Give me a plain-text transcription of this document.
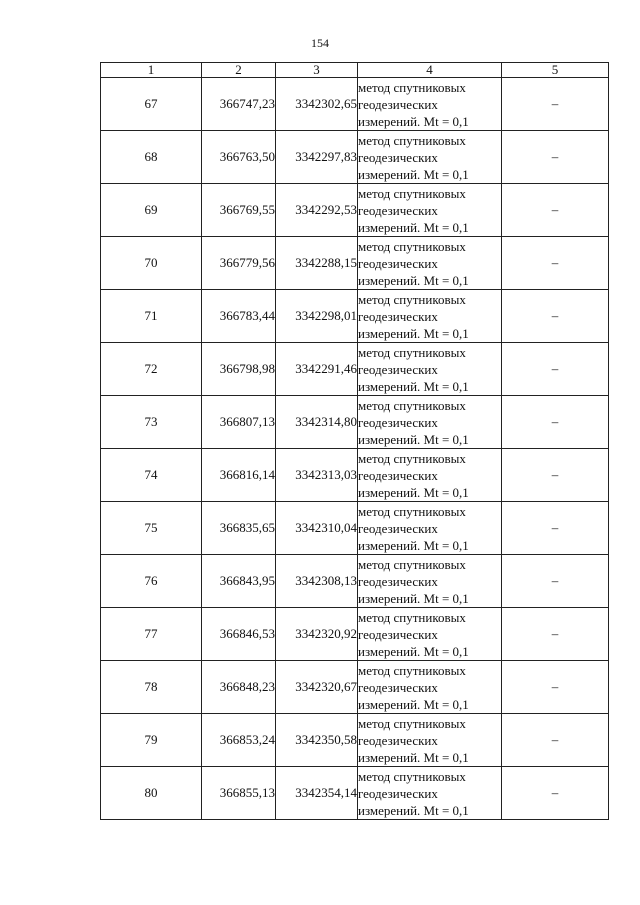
154
1	2	3	4	5
67	366747,23	3342302,65	метод спутниковых
геодезических
измерений. Mt = 0,1	–
68	366763,50	3342297,83	метод спутниковых
геодезических
измерений. Mt = 0,1	–
69	366769,55	3342292,53	метод спутниковых
геодезических
измерений. Mt = 0,1	–
70	366779,56	3342288,15	метод спутниковых
геодезических
измерений. Mt = 0,1	–
71	366783,44	3342298,01	метод спутниковых
геодезических
измерений. Mt = 0,1	–
72	366798,98	3342291,46	метод спутниковых
геодезических
измерений. Mt = 0,1	–
73	366807,13	3342314,80	метод спутниковых
геодезических
измерений. Mt = 0,1	–
74	366816,14	3342313,03	метод спутниковых
геодезических
измерений. Mt = 0,1	–
75	366835,65	3342310,04	метод спутниковых
геодезических
измерений. Mt = 0,1	–
76	366843,95	3342308,13	метод спутниковых
геодезических
измерений. Mt = 0,1	–
77	366846,53	3342320,92	метод спутниковых
геодезических
измерений. Mt = 0,1	–
78	366848,23	3342320,67	метод спутниковых
геодезических
измерений. Mt = 0,1	–
79	366853,24	3342350,58	метод спутниковых
геодезических
измерений. Mt = 0,1	–
80	366855,13	3342354,14	метод спутниковых
геодезических
измерений. Mt = 0,1	–
